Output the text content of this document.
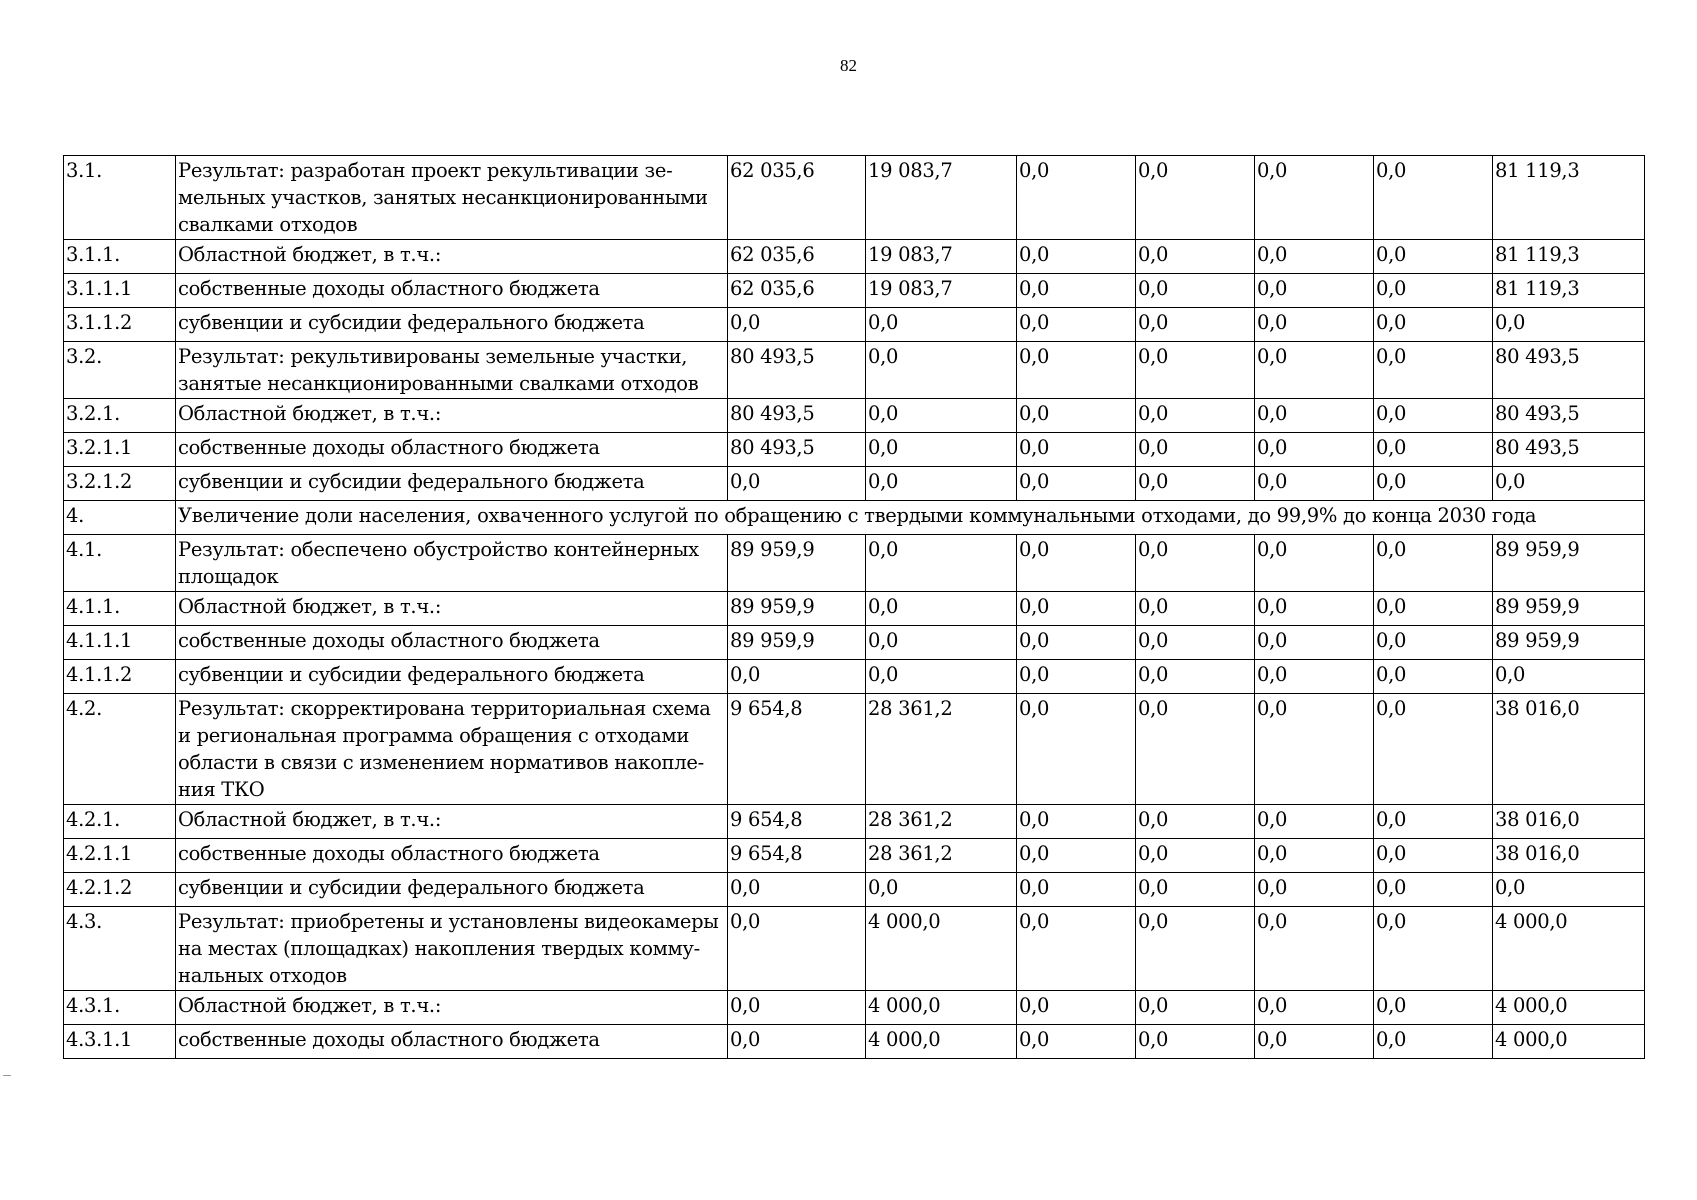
82
3.1.	Результат: разработан проект рекультивации зе-мельных участков, занятых несанкционированными свалками отходов	62 035,6	19 083,7	0,0	0,0	0,0	0,0	81 119,3
3.1.1.	Областной бюджет, в т.ч.:	62 035,6	19 083,7	0,0	0,0	0,0	0,0	81 119,3
3.1.1.1	собственные доходы областного бюджета	62 035,6	19 083,7	0,0	0,0	0,0	0,0	81 119,3
3.1.1.2	субвенции и субсидии федерального бюджета	0,0	0,0	0,0	0,0	0,0	0,0	0,0
3.2.	Результат: рекультивированы земельные участки, занятые несанкционированными свалками отходов	80 493,5	0,0	0,0	0,0	0,0	0,0	80 493,5
3.2.1.	Областной бюджет, в т.ч.:	80 493,5	0,0	0,0	0,0	0,0	0,0	80 493,5
3.2.1.1	собственные доходы областного бюджета	80 493,5	0,0	0,0	0,0	0,0	0,0	80 493,5
3.2.1.2	субвенции и субсидии федерального бюджета	0,0	0,0	0,0	0,0	0,0	0,0	0,0
4.	Увеличение доли населения, охваченного услугой по обращению с твердыми коммунальными отходами, до 99,9% до конца 2030 года							
4.1.	Результат: обеспечено обустройство контейнерных площадок	89 959,9	0,0	0,0	0,0	0,0	0,0	89 959,9
4.1.1.	Областной бюджет, в т.ч.:	89 959,9	0,0	0,0	0,0	0,0	0,0	89 959,9
4.1.1.1	собственные доходы областного бюджета	89 959,9	0,0	0,0	0,0	0,0	0,0	89 959,9
4.1.1.2	субвенции и субсидии федерального бюджета	0,0	0,0	0,0	0,0	0,0	0,0	0,0
4.2.	Результат: скорректирована территориальная схема и региональная программа обращения с отходами области в связи с изменением нормативов накопле-ния ТКО	9 654,8	28 361,2	0,0	0,0	0,0	0,0	38 016,0
4.2.1.	Областной бюджет, в т.ч.:	9 654,8	28 361,2	0,0	0,0	0,0	0,0	38 016,0
4.2.1.1	собственные доходы областного бюджета	9 654,8	28 361,2	0,0	0,0	0,0	0,0	38 016,0
4.2.1.2	субвенции и субсидии федерального бюджета	0,0	0,0	0,0	0,0	0,0	0,0	0,0
4.3.	Результат: приобретены и установлены видеокамеры на местах (площадках) накопления твердых комму-нальных отходов	0,0	4 000,0	0,0	0,0	0,0	0,0	4 000,0
4.3.1.	Областной бюджет, в т.ч.:	0,0	4 000,0	0,0	0,0	0,0	0,0	4 000,0
4.3.1.1	собственные доходы областного бюджета	0,0	4 000,0	0,0	0,0	0,0	0,0	4 000,0
